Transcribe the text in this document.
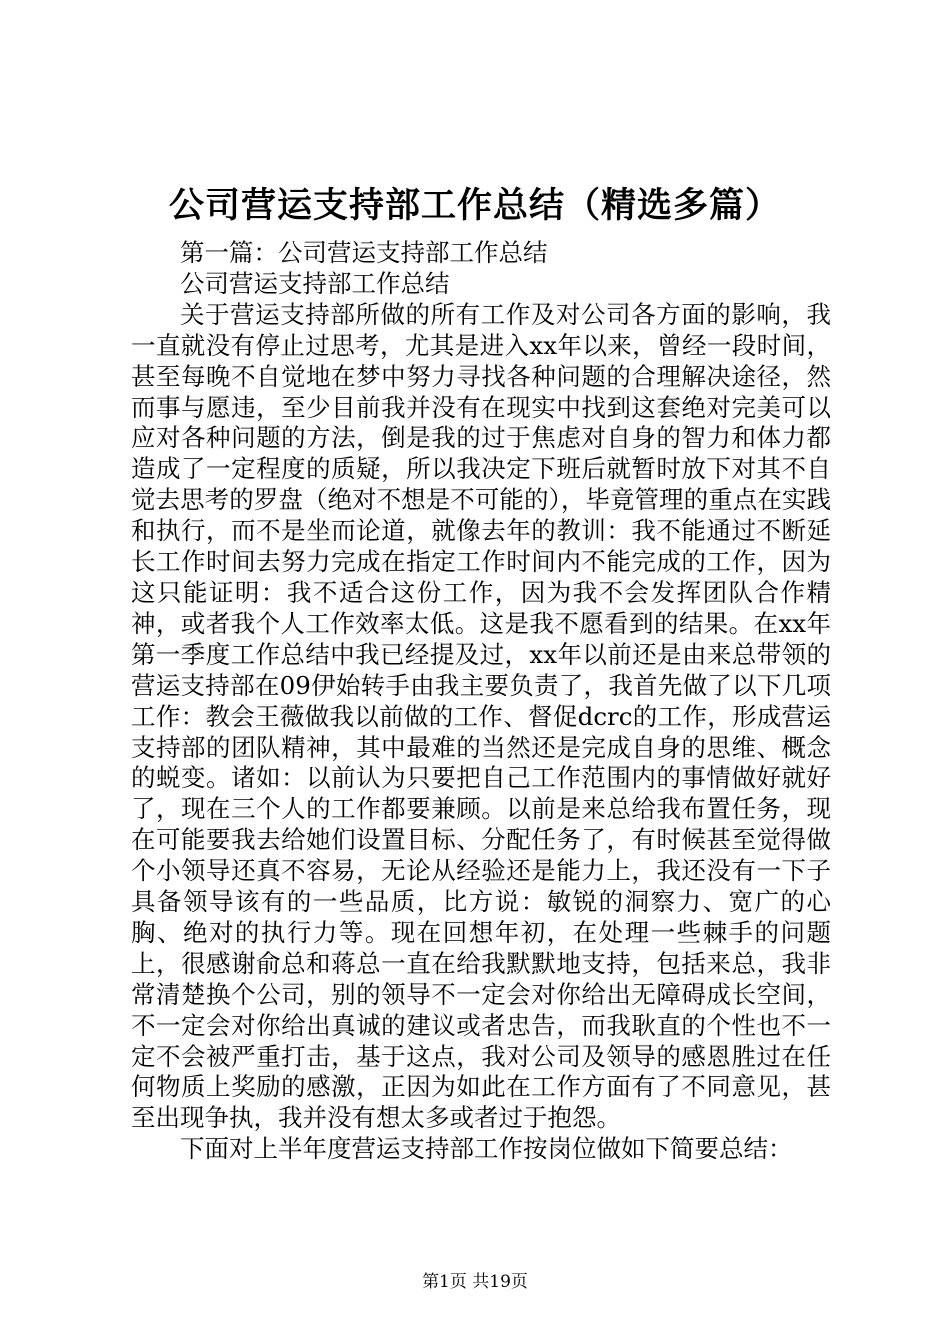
公司营运支持部工作总结（精选多篇）

第一篇：公司营运支持部工作总结

公司营运支持部工作总结

关于营运支持部所做的所有工作及对公司各方面的影响，我一直就没有停止过思考，尤其是进入xx年以来，曾经一段时间，甚至每晚不自觉地在梦中努力寻找各种问题的合理解决途径，然而事与愿违，至少目前我并没有在现实中找到这套绝对完美可以应对各种问题的方法，倒是我的过于焦虑对自身的智力和体力都造成了一定程度的质疑，所以我决定下班后就暂时放下对其不自觉去思考的罗盘（绝对不想是不可能的），毕竟管理的重点在实践和执行，而不是坐而论道，就像去年的教训：我不能通过不断延长工作时间去努力完成在指定工作时间内不能完成的工作，因为这只能证明：我不适合这份工作，因为我不会发挥团队合作精神，或者我个人工作效率太低。这是我不愿看到的结果。在xx年第一季度工作总结中我已经提及过，xx年以前还是由来总带领的营运支持部在09伊始转手由我主要负责了，我首先做了以下几项工作：教会王薇做我以前做的工作、督促dcrc的工作，形成营运支持部的团队精神，其中最难的当然还是完成自身的思维、概念的蜕变。诸如：以前认为只要把自己工作范围内的事情做好就好了，现在三个人的工作都要兼顾。以前是来总给我布置任务，现在可能要我去给她们设置目标、分配任务了，有时候甚至觉得做个小领导还真不容易，无论从经验还是能力上，我还没有一下子具备领导该有的一些品质，比方说：敏锐的洞察力、宽广的心胸、绝对的执行力等。现在回想年初，在处理一些棘手的问题上，很感谢俞总和蒋总一直在给我默默地支持，包括来总，我非常清楚换个公司，别的领导不一定会对你给出无障碍成长空间，不一定会对你给出真诚的建议或者忠告，而我耿直的个性也不一定不会被严重打击，基于这点，我对公司及领导的感恩胜过在任何物质上奖励的感激，正因为如此在工作方面有了不同意见，甚至出现争执，我并没有想太多或者过于抱怨。

下面对上半年度营运支持部工作按岗位做如下简要总结：

第1页 共19页
